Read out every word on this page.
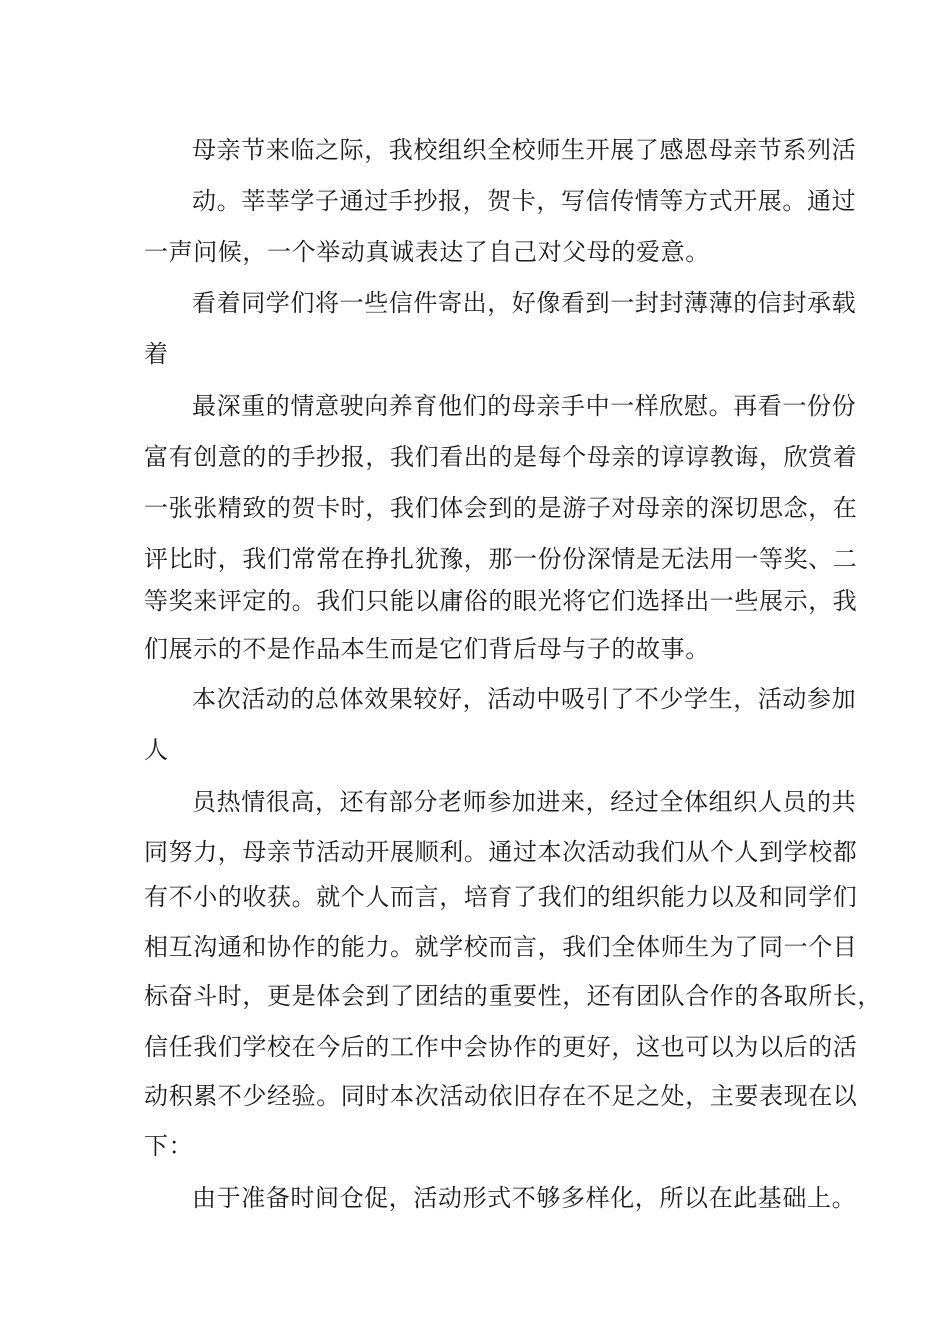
母亲节来临之际，我校组织全校师生开展了感恩母亲节系列活
动。莘莘学子通过手抄报，贺卡，写信传情等方式开展。通过
一声问候，一个举动真诚表达了自己对父母的爱意。
看着同学们将一些信件寄出，好像看到一封封薄薄的信封承载
着
最深重的情意驶向养育他们的母亲手中一样欣慰。再看一份份
富有创意的的手抄报，我们看出的是每个母亲的谆谆教诲，欣赏着
一张张精致的贺卡时，我们体会到的是游子对母亲的深切思念，在
评比时，我们常常在挣扎犹豫，那一份份深情是无法用一等奖、二
等奖来评定的。我们只能以庸俗的眼光将它们选择出一些展示，我
们展示的不是作品本生而是它们背后母与子的故事。
本次活动的总体效果较好，活动中吸引了不少学生，活动参加
人
员热情很高，还有部分老师参加进来，经过全体组织人员的共
同努力，母亲节活动开展顺利。通过本次活动我们从个人到学校都
有不小的收获。就个人而言，培育了我们的组织能力以及和同学们
相互沟通和协作的能力。就学校而言，我们全体师生为了同一个目
标奋斗时，更是体会到了团结的重要性，还有团队合作的各取所长，
信任我们学校在今后的工作中会协作的更好，这也可以为以后的活
动积累不少经验。同时本次活动依旧存在不足之处，主要表现在以
下：
由于准备时间仓促，活动形式不够多样化，所以在此基础上。
